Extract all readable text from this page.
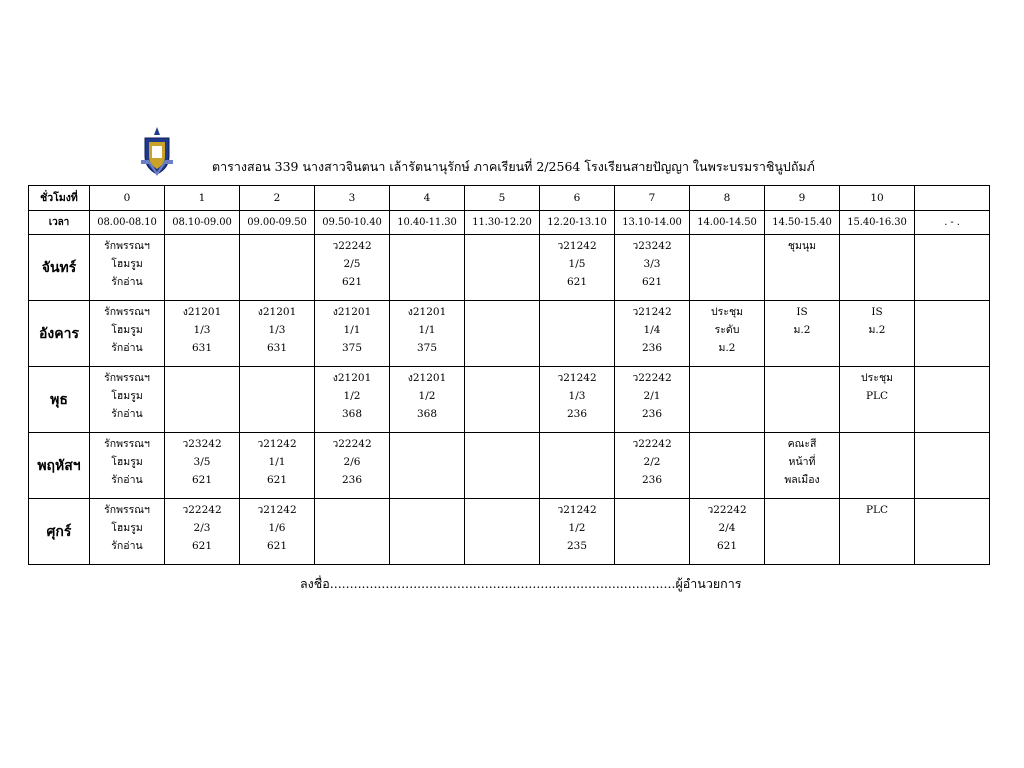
ตารางสอน 339 นางสาวจินตนา เล้ารัตนานุรักษ์ ภาคเรียนที่ 2/2564 โรงเรียนสายปัญญา ในพระบรมราชินูปถัมภ์
ชั่วโมงที่	0	1	2	3	4	5	6	7	8	9	10	
เวลา	08.00-08.10	08.10-09.00	09.00-09.50	09.50-10.40	10.40-11.30	11.30-12.20	12.20-13.10	13.10-14.00	14.00-14.50	14.50-15.40	15.40-16.30	. - .
จันทร์	รักพรรณฯ
โฮมรูม
รักอ่าน			ว22242
2/5
621			ว21242
1/5
621	ว23242
3/3
621		ชุมนุม		

อังคาร	รักพรรณฯ
โฮมรูม
รักอ่าน	ง21201
1/3
631	ง21201
1/3
631	ง21201
1/1
375	ง21201
1/1
375			ว21242
1/4
236	ประชุม
ระดับ
ม.2	IS
ม.2	IS
ม.2	

พุธ	รักพรรณฯ
โฮมรูม
รักอ่าน			ง21201
1/2
368	ง21201
1/2
368		ว21242
1/3
236	ว22242
2/1
236			ประชุม
PLC	

พฤหัสฯ	รักพรรณฯ
โฮมรูม
รักอ่าน	ว23242
3/5
621	ว21242
1/1
621	ว22242
2/6
236				ว22242
2/2
236		คณะสี
หน้าที่
พลเมือง		

ศุกร์	รักพรรณฯ
โฮมรูม
รักอ่าน	ว22242
2/3
621	ว21242
1/6
621				ว21242
1/2
235		ว22242
2/4
621		PLC	

ลงชื่อ.......................................................................................ผู้อำนวยการ
